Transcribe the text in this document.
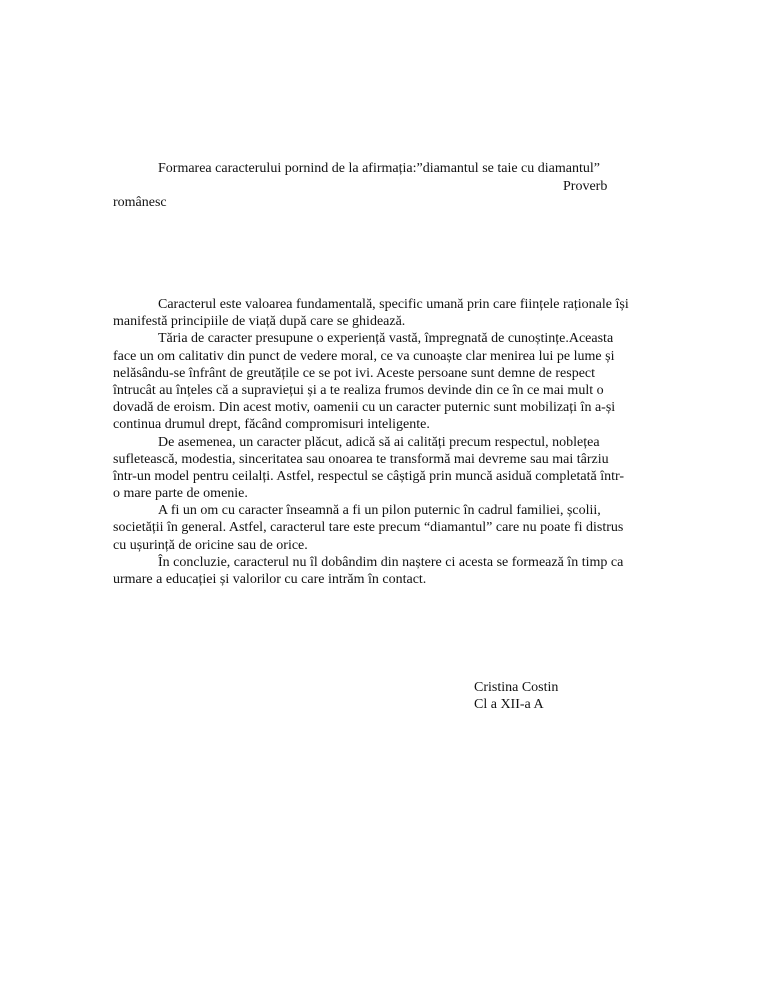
Formarea caracterului pornind de la afirmația:”diamantul se taie cu diamantul”
Proverb
românesc
Caracterul este valoarea fundamentală, specific umană prin care ființele raționale își
manifestă principiile de viață după care se ghidează.
Tăria de caracter presupune o experiență vastă, împregnată de cunoștințe.Aceasta
face un om calitativ din punct de vedere moral, ce va cunoaște clar menirea lui pe lume și
nelăsându-se înfrânt de greutățile ce se pot ivi. Aceste persoane sunt demne de respect
întrucât au înțeles că a supraviețui și a te realiza frumos devinde din ce în ce mai mult o
dovadă de eroism. Din acest motiv, oamenii cu un caracter puternic sunt mobilizați în a-și
continua drumul drept, făcând compromisuri inteligente.
De asemenea, un caracter plăcut, adică să ai calități precum respectul, noblețea
sufletească, modestia, sinceritatea sau onoarea te transformă mai devreme sau mai târziu
într-un model pentru ceilalți. Astfel, respectul se câștigă prin muncă asiduă completată într-
o mare parte de omenie.
A fi un om cu caracter înseamnă a fi un pilon puternic în cadrul familiei, școlii,
societății în general. Astfel, caracterul tare este precum “diamantul” care nu poate fi distrus
cu ușurință de oricine sau de orice.
În concluzie, caracterul nu îl dobândim din naștere ci acesta se formează în timp ca
urmare a educației și valorilor cu care intrăm în contact.
Cristina Costin
Cl a XII-a A
